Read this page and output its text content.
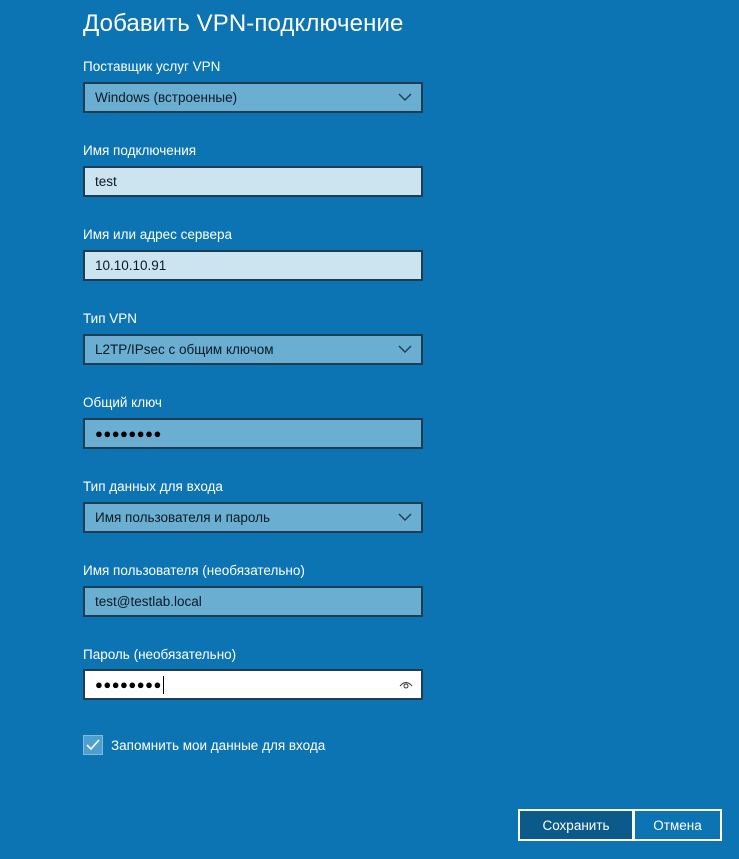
Добавить VPN-подключение
Поставщик услуг VPN
Windows (встроенные)
Имя подключения
test
Имя или адрес сервера
10.10.10.91
Тип VPN
L2TP/IPsec с общим ключом
Общий ключ
●●●●●●●●
Тип данных для входа
Имя пользователя и пароль
Имя пользователя (необязательно)
test@testlab.local
Пароль (необязательно)
●●●●●●●●
Запомнить мои данные для входа
Сохранить	Отмена
